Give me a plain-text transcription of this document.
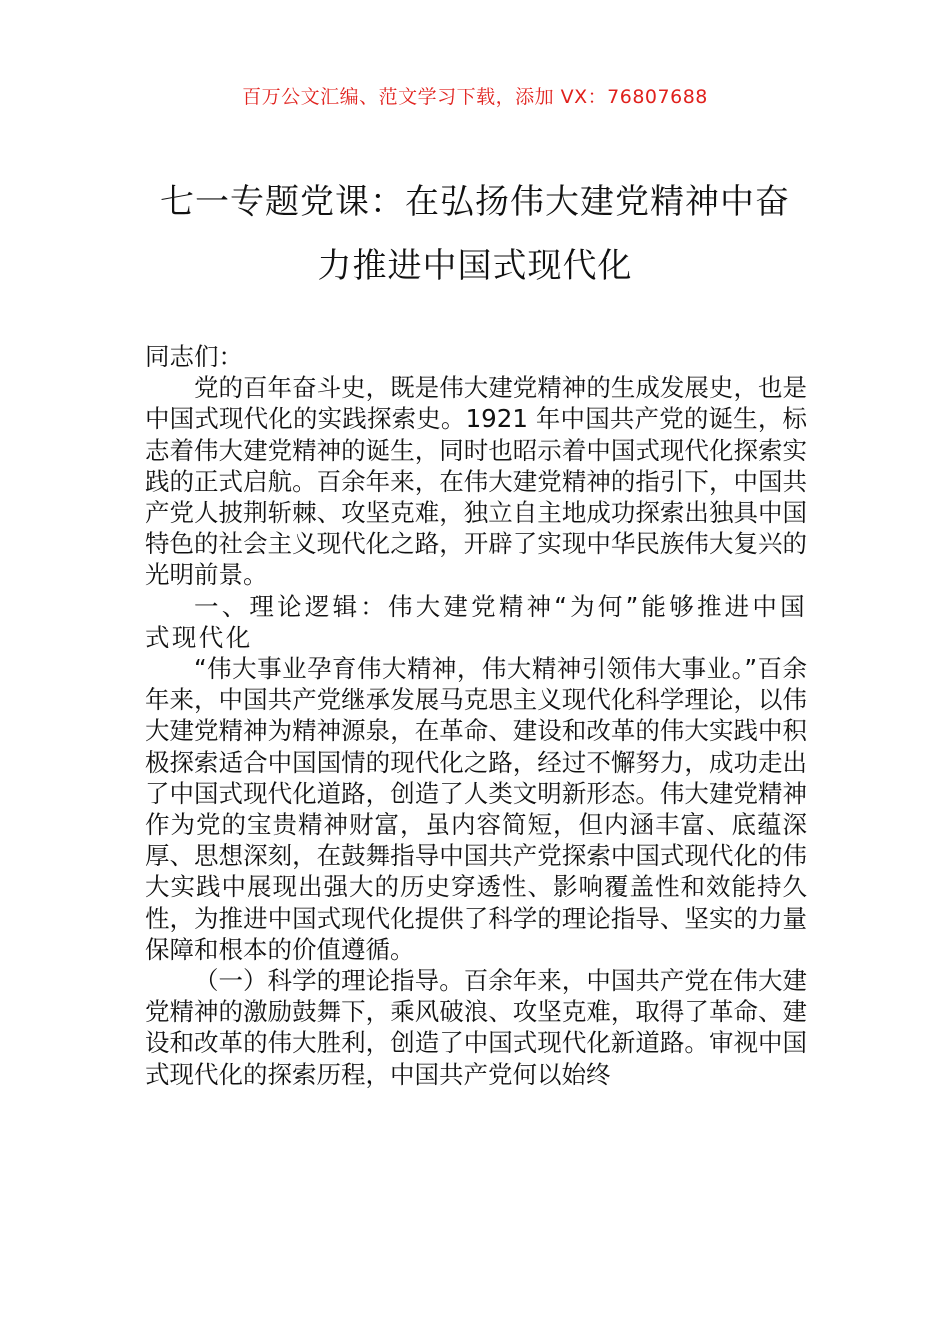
百万公文汇编、范文学习下载，添加 VX：76807688
七一专题党课：在弘扬伟大建党精神中奋
力推进中国式现代化

同志们：

党的百年奋斗史，既是伟大建党精神的生成发展史，也是中国式现代化的实践探索史。1921 年中国共产党的诞生，标志着伟大建党精神的诞生，同时也昭示着中国式现代化探索实践的正式启航。百余年来，在伟大建党精神的指引下，中国共产党人披荆斩棘、攻坚克难，独立自主地成功探索出独具中国特色的社会主义现代化之路，开辟了实现中华民族伟大复兴的光明前景。

一、理论逻辑：伟大建党精神“为何”能够推进中国式现代化

“伟大事业孕育伟大精神，伟大精神引领伟大事业。”百余年来，中国共产党继承发展马克思主义现代化科学理论，以伟大建党精神为精神源泉，在革命、建设和改革的伟大实践中积极探索适合中国国情的现代化之路，经过不懈努力，成功走出了中国式现代化道路，创造了人类文明新形态。伟大建党精神作为党的宝贵精神财富，虽内容简短，但内涵丰富、底蕴深厚、思想深刻，在鼓舞指导中国共产党探索中国式现代化的伟大实践中展现出强大的历史穿透性、影响覆盖性和效能持久性，为推进中国式现代化提供了科学的理论指导、坚实的力量保障和根本的价值遵循。

（一）科学的理论指导。百余年来，中国共产党在伟大建党精神的激励鼓舞下，乘风破浪、攻坚克难，取得了革命、建设和改革的伟大胜利，创造了中国式现代化新道路。审视中国式现代化的探索历程，中国共产党何以始终
